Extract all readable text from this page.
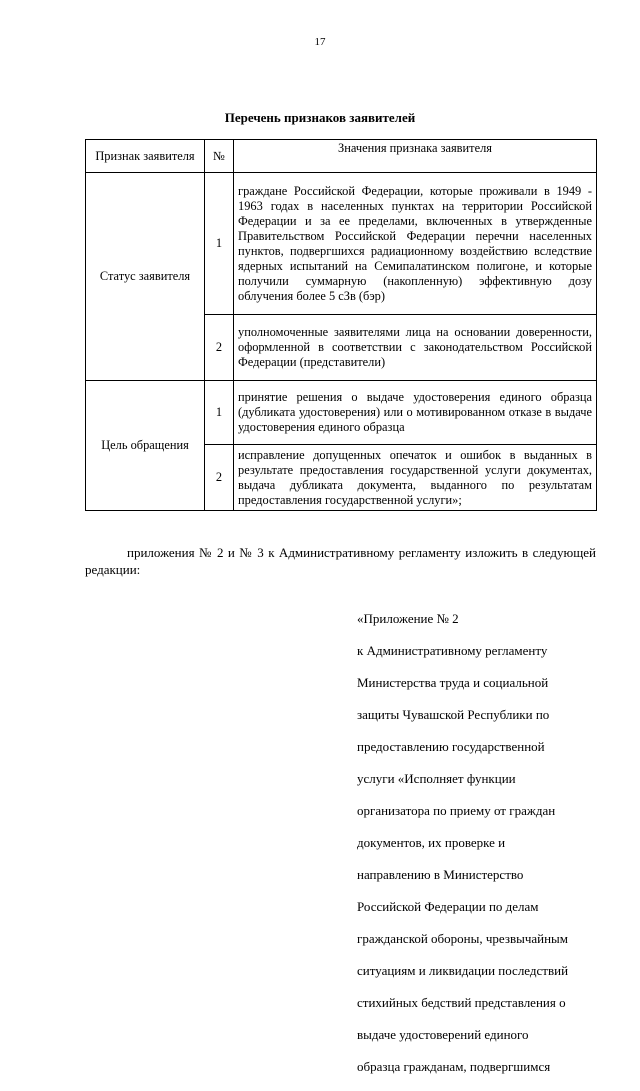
17
Перечень признаков заявителей
Признак заявителя	№	Значения признака заявителя
Статус заявителя	1	граждане Российской Федерации, которые проживали в 1949 - 1963 годах в населенных пунктах на территории Российской Федерации и за ее пределами, включенных в утвержденные Правительством Российской Федерации перечни населенных пунктов, подвергшихся радиационному воздействию вследствие ядерных испытаний на Семипалатинском полигоне, и которые получили суммарную (накопленную) эффективную дозу облучения более 5 сЗв (бэр)
	2	уполномоченные заявителями лица на основании доверенности, оформленной в соответствии с законодательством Российской Федерации (представители)
Цель обращения	1	принятие решения о выдаче удостоверения единого образца (дубликата удостоверения) или о мотивированном отказе в выдаче удостоверения единого образца
	2	исправление допущенных опечаток и ошибок в выданных в результате предоставления государственной услуги документах, выдача дубликата документа, выданного по результатам предоставления государственной услуги»;
приложения № 2 и № 3 к Административному регламенту изложить в следующей редакции:

«Приложение № 2

к Административному регламенту

Министерства труда и социальной

защиты Чувашской Республики по

предоставлению государственной

услуги «Исполняет функции

организатора по приему от граждан

документов, их проверке и

направлению в Министерство

Российской Федерации по делам

гражданской обороны, чрезвычайным

ситуациям и ликвидации последствий

стихийных бедствий представления о

выдаче удостоверений единого

образца гражданам, подвергшимся
